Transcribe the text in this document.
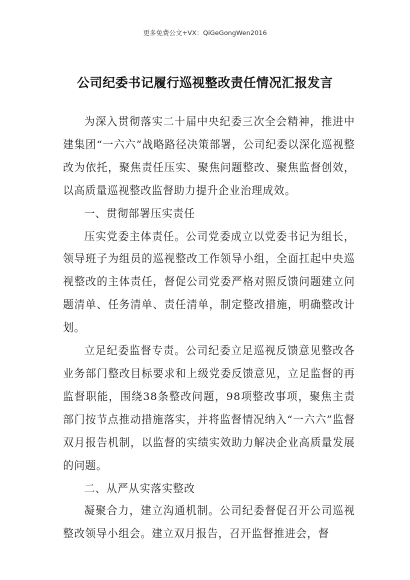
更多免费公文+VX：QiGeGongWen2016
公司纪委书记履行巡视整改责任情况汇报发言

为深入贯彻落实二十届中央纪委三次全会精神，推进中建集团“一六六”战略路径决策部署，公司纪委以深化巡视整改为依托，聚焦责任压实、聚焦问题整改、聚焦监督创效，以高质量巡视整改监督助力提升企业治理成效。

一、贯彻部署压实责任

压实党委主体责任。公司党委成立以党委书记为组长，领导班子为组员的巡视整改工作领导小组，全面扛起中央巡视整改的主体责任，督促公司党委严格对照反馈问题建立问题清单、任务清单、责任清单，制定整改措施，明确整改计划。

立足纪委监督专责。公司纪委立足巡视反馈意见整改各业务部门整改目标要求和上级党委反馈意见，立足监督的再监督职能，围绕38条整改问题，98项整改事项，聚焦主责部门按节点推动措施落实，并将监督情况纳入“一六六”监督双月报告机制，以监督的实绩实效助力解决企业高质量发展的问题。

二、从严从实落实整改

凝聚合力，建立沟通机制。公司纪委督促召开公司巡视整改领导小组会。建立双月报告，召开监督推进会，督
